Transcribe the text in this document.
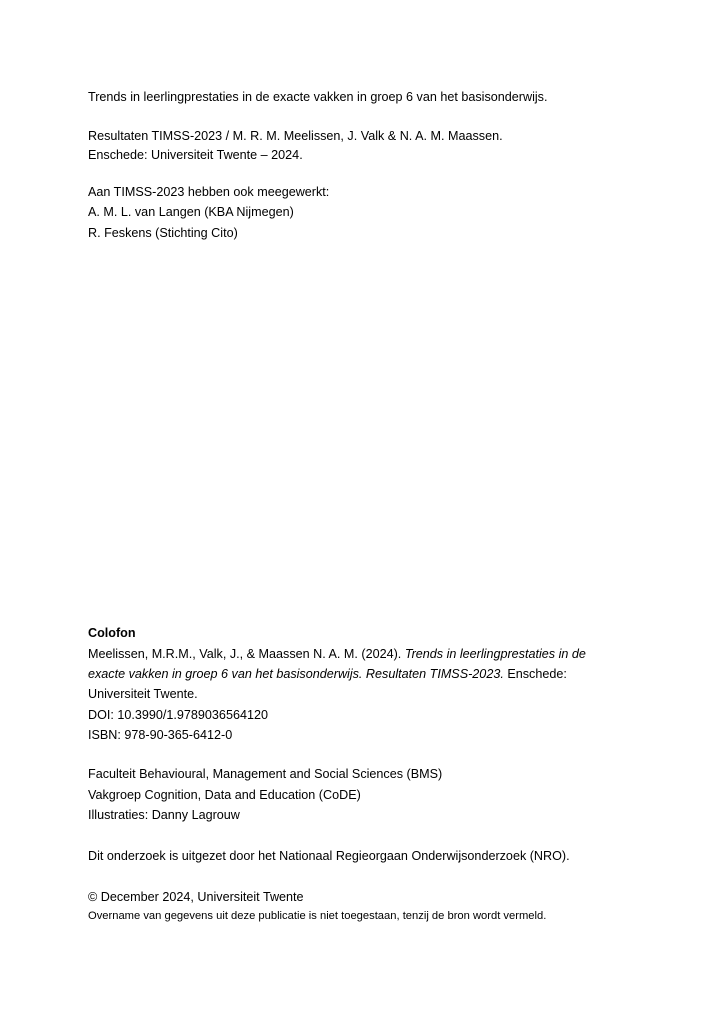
Trends in leerlingprestaties in de exacte vakken in groep 6 van het basisonderwijs.
Resultaten TIMSS-2023 / M. R. M. Meelissen, J. Valk & N. A. M. Maassen.
Enschede: Universiteit Twente – 2024.
Aan TIMSS-2023 hebben ook meegewerkt:
A. M. L. van Langen (KBA Nijmegen)
R. Feskens (Stichting Cito)
Colofon
Meelissen, M.R.M., Valk, J., & Maassen N. A. M. (2024). Trends in leerlingprestaties in de
exacte vakken in groep 6 van het basisonderwijs. Resultaten TIMSS-2023. Enschede:
Universiteit Twente.
DOI: 10.3990/1.9789036564120
ISBN: 978-90-365-6412-0
Faculteit Behavioural, Management and Social Sciences (BMS)
Vakgroep Cognition, Data and Education (CoDE)
Illustraties: Danny Lagrouw
Dit onderzoek is uitgezet door het Nationaal Regieorgaan Onderwijsonderzoek (NRO).
© December 2024, Universiteit Twente
Overname van gegevens uit deze publicatie is niet toegestaan, tenzij de bron wordt vermeld.
